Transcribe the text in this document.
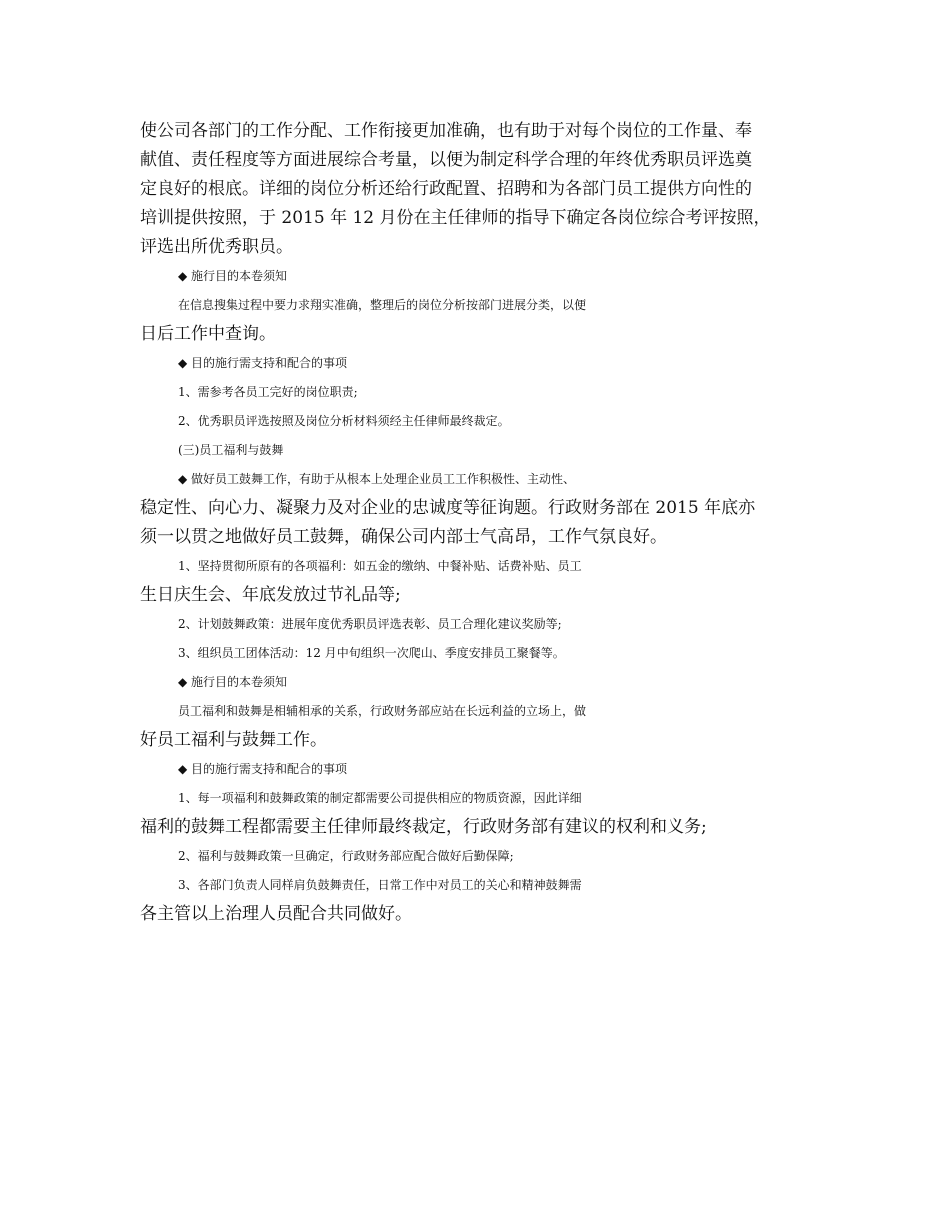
使公司各部门的工作分配、工作衔接更加准确，也有助于对每个岗位的工作量、奉
献值、责任程度等方面进展综合考量，以便为制定科学合理的年终优秀职员评选奠
定良好的根底。详细的岗位分析还给行政配置、招聘和为各部门员工提供方向性的
培训提供按照，于 2015 年 12 月份在主任律师的指导下确定各岗位综合考评按照，
评选出所优秀职员。
◆ 施行目的本卷须知
在信息搜集过程中要力求翔实准确，整理后的岗位分析按部门进展分类，以便
日后工作中查询。
◆ 目的施行需支持和配合的事项
1、需参考各员工完好的岗位职责;
2、优秀职员评选按照及岗位分析材料须经主任律师最终裁定。
(三)员工福利与鼓舞
◆ 做好员工鼓舞工作，有助于从根本上处理企业员工工作积极性、主动性、
稳定性、向心力、凝聚力及对企业的忠诚度等征询题。行政财务部在 2015 年底亦
须一以贯之地做好员工鼓舞，确保公司内部士气高昂，工作气氛良好。
1、坚持贯彻所原有的各项福利：如五金的缴纳、中餐补贴、话费补贴、员工
生日庆生会、年底发放过节礼品等;
2、计划鼓舞政策：进展年度优秀职员评选表彰、员工合理化建议奖励等;
3、组织员工团体活动：12 月中旬组织一次爬山、季度安排员工聚餐等。
◆ 施行目的本卷须知
员工福利和鼓舞是相辅相承的关系，行政财务部应站在长远利益的立场上，做
好员工福利与鼓舞工作。
◆ 目的施行需支持和配合的事项
1、每一项福利和鼓舞政策的制定都需要公司提供相应的物质资源，因此详细
福利的鼓舞工程都需要主任律师最终裁定，行政财务部有建议的权利和义务;
2、福利与鼓舞政策一旦确定，行政财务部应配合做好后勤保障;
3、各部门负责人同样肩负鼓舞责任，日常工作中对员工的关心和精神鼓舞需
各主管以上治理人员配合共同做好。
